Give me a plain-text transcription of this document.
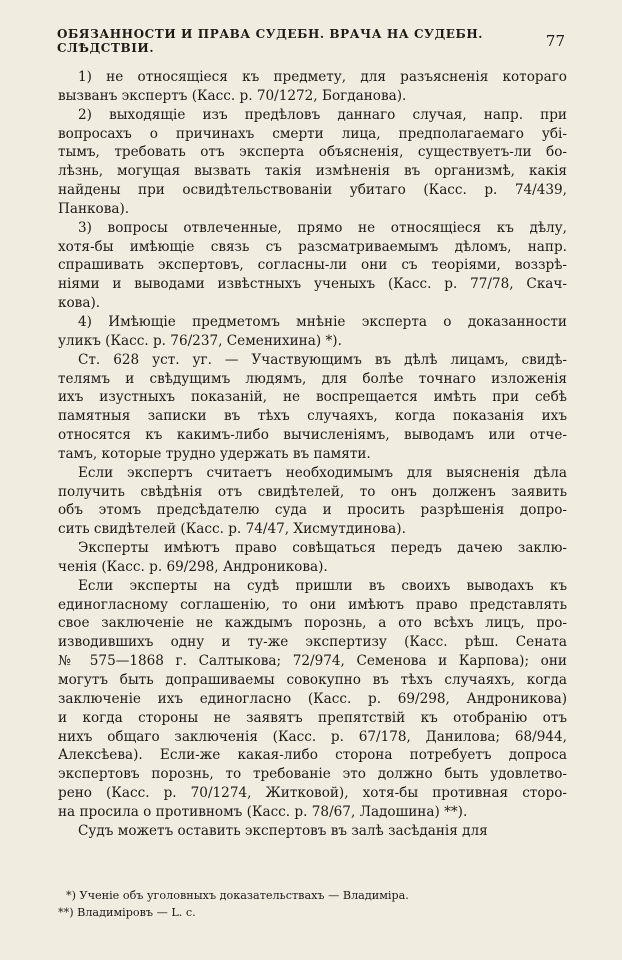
ОБЯЗАННОСТИ И ПРАВА СУДЕБН. ВРАЧА НА СУДЕБН. СЛѢДСТВІИ.	77

1) не относящіеся къ предмету, для разъясненія котораго
вызванъ экспертъ (Касс. р. 70/1272, Богданова).

2) выходящіе изъ предѣловъ даннаго случая, напр. при
вопросахъ о причинахъ смерти лица, предполагаемаго убі-
тымъ, требовать отъ эксперта объясненія, существуетъ-ли бо-
лѣзнь, могущая вызвать такія измѣненія въ организмѣ, какія
найдены при освидѣтельствованіи убитаго (Касс. р. 74/439,
Панкова).

3) вопросы отвлеченные, прямо не относящіеся къ дѣлу,
хотя-бы имѣющіе связь съ разсматриваемымъ дѣломъ, напр.
спрашивать экспертовъ, согласны-ли они съ теоріями, воззрѣ-
ніями и выводами извѣстныхъ ученыхъ (Касс. р. 77/78, Скач-
кова).

4) Имѣющіе предметомъ мнѣніе эксперта о доказанности
уликъ (Касс. р. 76/237, Семенихина) *).

Ст. 628 уст. уг. — Участвующимъ въ дѣлѣ лицамъ, свидѣ-
телямъ и свѣдущимъ людямъ, для болѣе точнаго изложенія
ихъ изустныхъ показаній, не воспрещается имѣть при себѣ
памятныя записки въ тѣхъ случаяхъ, когда показанія ихъ
относятся къ какимъ-либо вычисленіямъ, выводамъ или отче-
тамъ, которые трудно удержать въ памяти.

Если экспертъ считаетъ необходимымъ для выясненія дѣла
получить свѣдѣнія отъ свидѣтелей, то онъ долженъ заявить
объ этомъ предсѣдателю суда и просить разрѣшенія допро-
сить свидѣтелей (Касс. р. 74/47, Хисмутдинова).

Эксперты имѣютъ право совѣщаться передъ дачею заклю-
ченія (Касс. р. 69/298, Андроникова).

Если эксперты на судѣ пришли въ своихъ выводахъ къ
единогласному соглашенію, то они имѣютъ право представлять
свое заключеніе не каждымъ порознь, а ото всѣхъ лицъ, про-
изводившихъ одну и ту-же экспертизу (Касс. рѣш. Сената
№ 575—1868 г. Салтыкова; 72/974, Семенова и Карпова); они
могутъ быть допрашиваемы совокупно въ тѣхъ случаяхъ, когда
заключеніе ихъ единогласно (Касс. р. 69/298, Андроникова)
и когда стороны не заявятъ препятствій къ отобранію отъ
нихъ общаго заключенія (Касс. р. 67/178, Данилова; 68/944,
Алексѣева). Если-же какая-либо сторона потребуетъ допроса
экспертовъ порознь, то требованіе это должно быть удовлетво-
рено (Касс. р. 70/1274, Житковой), хотя-бы противная сторо-
на просила о противномъ (Касс. р. 78/67, Ладошина) **).

Судъ можетъ оставить экспертовъ въ залѣ засѣданія для

*) Ученіе объ уголовныхъ доказательствахъ — Владиміра.
**) Владиміровъ — L. c.
